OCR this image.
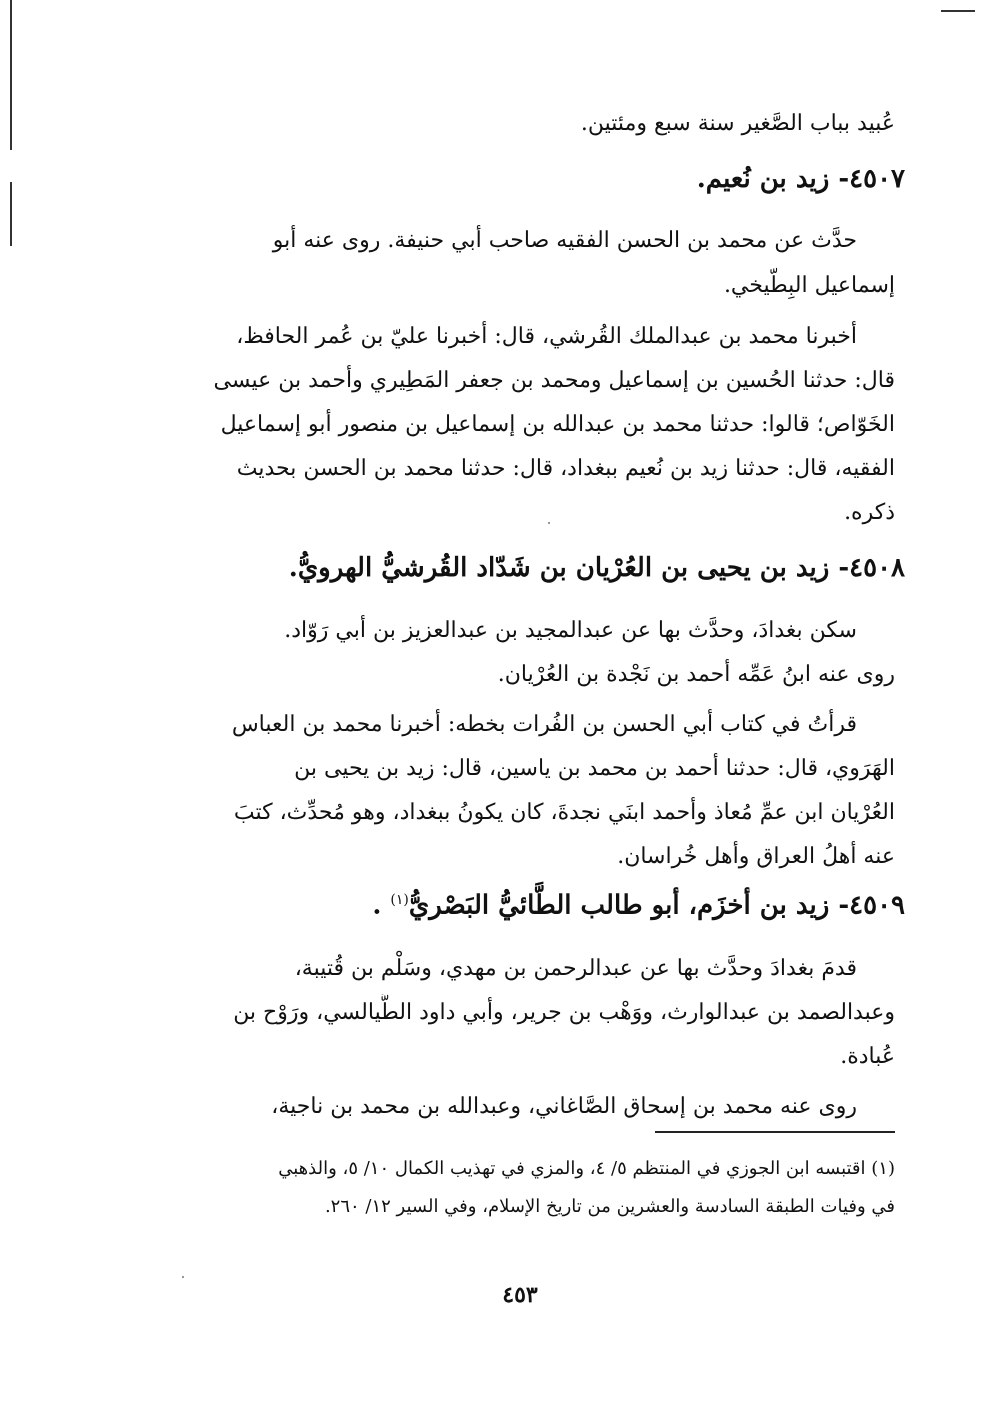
عُبيد بباب الصَّغير سنة سبع ومئتين.
٤٥٠٧- زيد بن نُعيم.
حدَّث عن محمد بن الحسن الفقيه صاحب أبي حنيفة. روى عنه أبو
إسماعيل البِطّيخي.
أخبرنا محمد بن عبدالملك القُرشي، قال: أخبرنا عليّ بن عُمر الحافظ،
قال: حدثنا الحُسين بن إسماعيل ومحمد بن جعفر المَطِيري وأحمد بن عيسى
الخَوّاص؛ قالوا: حدثنا محمد بن عبدالله بن إسماعيل بن منصور أبو إسماعيل
الفقيه، قال: حدثنا زيد بن نُعيم ببغداد، قال: حدثنا محمد بن الحسن بحديث
ذكره.
٤٥٠٨- زيد بن يحيى بن العُرْيان بن شَدّاد القُرشيُّ الهرويُّ.
سكن بغدادَ، وحدَّث بها عن عبدالمجيد بن عبدالعزيز بن أبي رَوّاد.
روى عنه ابنُ عَمِّه أحمد بن نَجْدة بن العُرْيان.
قرأتُ في كتاب أبي الحسن بن الفُرات بخطه: أخبرنا محمد بن العباس
الهَرَوي، قال: حدثنا أحمد بن محمد بن ياسين، قال: زيد بن يحيى بن
العُرْيان ابن عمِّ مُعاذ وأحمد ابنَي نجدةَ، كان يكونُ ببغداد، وهو مُحدِّث، كتبَ
عنه أهلُ العراق وأهل خُراسان.
٤٥٠٩- زيد بن أخزَم، أبو طالب الطَّائيُّ البَصْريُّ$^{(١)}$ .
قدمَ بغدادَ وحدَّث بها عن عبدالرحمن بن مهدي، وسَلْم بن قُتيبة،
وعبدالصمد بن عبدالوارث، ووَهْب بن جرير، وأبي داود الطَّيالسي، ورَوْح بن
عُبادة.
روى عنه محمد بن إسحاق الصَّاغاني، وعبدالله بن محمد بن ناجية،
(١) اقتبسه ابن الجوزي في المنتظم ٥/ ٤، والمزي في تهذيب الكمال ١٠/ ٥، والذهبي
في وفيات الطبقة السادسة والعشرين من تاريخ الإسلام، وفي السير ١٢/ ٢٦٠.
٤٥٣
